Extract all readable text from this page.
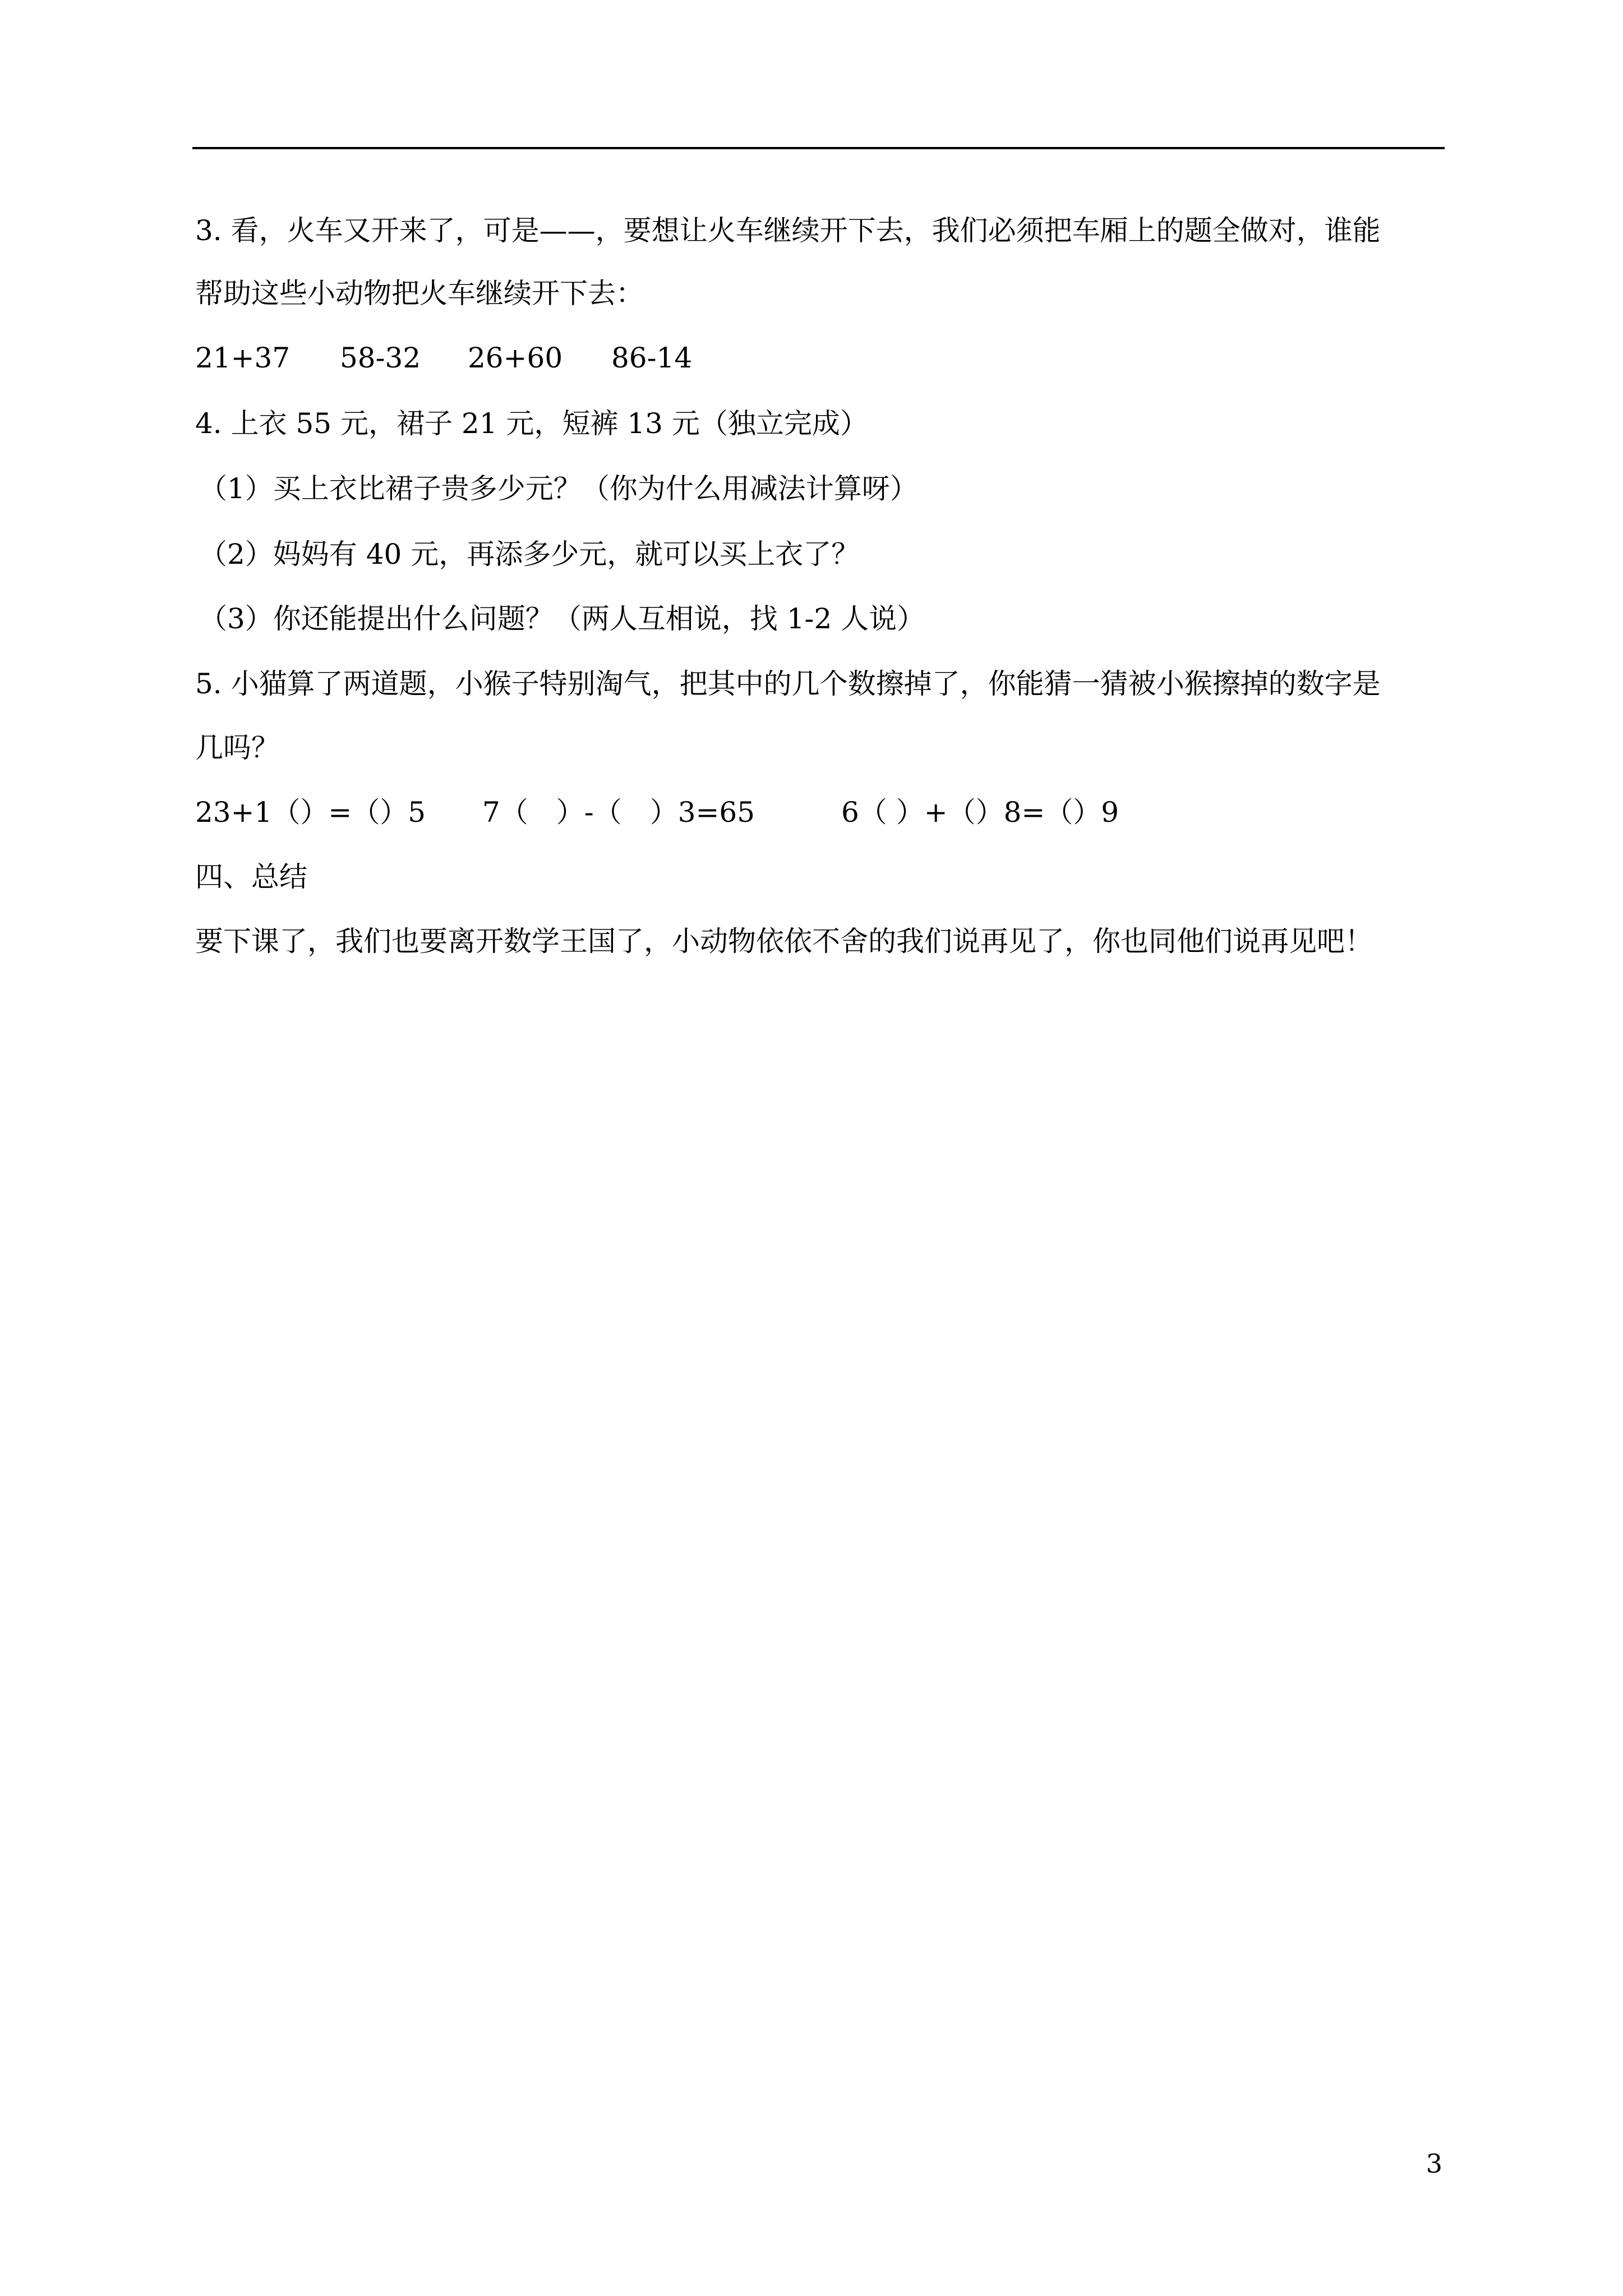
3. 看，火车又开来了，可是——，要想让火车继续开下去，我们必须把车厢上的题全做对，谁能
帮助这些小动物把火车继续开下去：
21+37 58-32 26+60 86-14
4. 上衣 55 元，裙子 21 元，短裤 13 元（独立完成）
（1）买上衣比裙子贵多少元？（你为什么用减法计算呀）
（2）妈妈有 40 元，再添多少元，就可以买上衣了？
（3）你还能提出什么问题？（两人互相说，找 1-2 人说）
5. 小猫算了两道题，小猴子特别淘气，把其中的几个数擦掉了，你能猜一猜被小猴擦掉的数字是
几吗？
23+1（）=（）5 7（　）-（　）3=65	6（ ）+（）8=（）9
四、总结
要下课了，我们也要离开数学王国了，小动物依依不舍的我们说再见了，你也同他们说再见吧！
3
